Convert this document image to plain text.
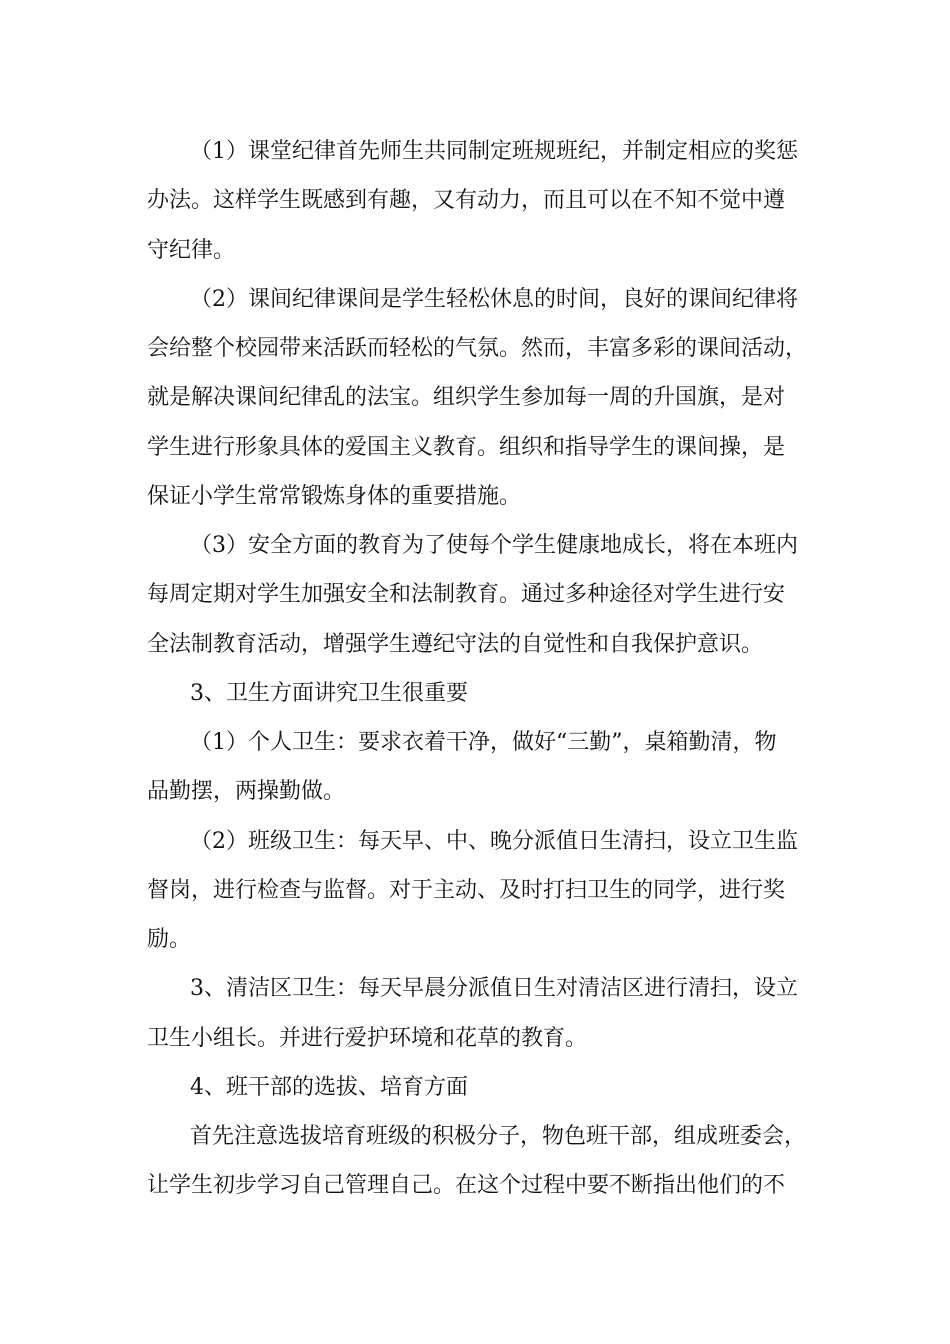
（1）课堂纪律首先师生共同制定班规班纪，并制定相应的奖惩
办法。这样学生既感到有趣，又有动力，而且可以在不知不觉中遵
守纪律。
（2）课间纪律课间是学生轻松休息的时间，良好的课间纪律将
会给整个校园带来活跃而轻松的气氛。然而，丰富多彩的课间活动，
就是解决课间纪律乱的法宝。组织学生参加每一周的升国旗，是对
学生进行形象具体的爱国主义教育。组织和指导学生的课间操，是
保证小学生常常锻炼身体的重要措施。
（3）安全方面的教育为了使每个学生健康地成长，将在本班内
每周定期对学生加强安全和法制教育。通过多种途径对学生进行安
全法制教育活动，增强学生遵纪守法的自觉性和自我保护意识。
3、卫生方面讲究卫生很重要
（1）个人卫生：要求衣着干净，做好“三勤”，桌箱勤清，物
品勤摆，两操勤做。
（2）班级卫生：每天早、中、晚分派值日生清扫，设立卫生监
督岗，进行检查与监督。对于主动、及时打扫卫生的同学，进行奖
励。
3、清洁区卫生：每天早晨分派值日生对清洁区进行清扫，设立
卫生小组长。并进行爱护环境和花草的教育。
4、班干部的选拔、培育方面
首先注意选拔培育班级的积极分子，物色班干部，组成班委会，
让学生初步学习自己管理自己。在这个过程中要不断指出他们的不
